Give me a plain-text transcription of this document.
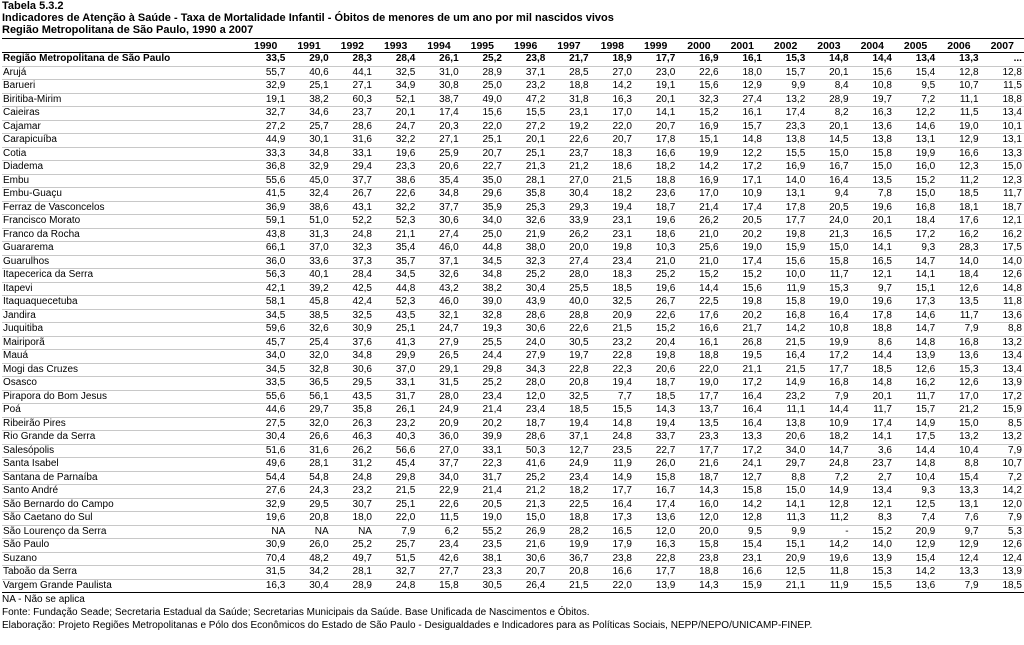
Tabela 5.3.2
Indicadores de Atenção à Saúde - Taxa de Mortalidade Infantil - Óbitos de menores de um ano por mil nascidos vivos
Região Metropolitana de São Paulo, 1990 a 2007
	1990	1991	1992	1993	1994	1995	1996	1997	1998	1999	2000	2001	2002	2003	2004	2005	2006	2007
Região Metropolitana de São Paulo	33,5	29,0	28,3	28,4	26,1	25,2	23,8	21,7	18,9	17,7	16,9	16,1	15,3	14,8	14,4	13,4	13,3	...
Arujá	55,7	40,6	44,1	32,5	31,0	28,9	37,1	28,5	27,0	23,0	22,6	18,0	15,7	20,1	15,6	15,4	12,8	12,8
Barueri	32,9	25,1	27,1	34,9	30,8	25,0	23,2	18,8	14,2	19,1	15,6	12,9	9,9	8,4	10,8	9,5	10,7	11,5
Biritiba-Mirim	19,1	38,2	60,3	52,1	38,7	49,0	47,2	31,8	16,3	20,1	32,3	27,4	13,2	28,9	19,7	7,2	11,1	18,8
Caieiras	32,7	34,6	23,7	20,1	17,4	15,6	15,5	23,1	17,0	14,1	15,2	16,1	17,4	8,2	16,3	12,2	11,5	13,4
Cajamar	27,2	25,7	28,6	24,7	20,3	22,0	27,2	19,2	22,0	20,7	16,9	15,7	23,3	20,1	13,6	14,6	19,0	10,1
Carapicuíba	44,9	30,1	31,6	32,2	27,1	25,1	20,1	22,6	20,7	17,8	15,1	14,8	13,8	14,5	13,8	13,1	12,9	13,1
Cotia	33,3	34,8	33,1	19,6	25,9	20,7	25,1	23,7	18,3	16,6	19,9	12,2	15,5	15,0	15,8	19,9	16,6	13,3
Diadema	36,8	32,9	29,4	23,3	20,6	22,7	21,3	21,2	18,6	18,2	14,2	17,2	16,9	16,7	15,0	16,0	12,3	15,0
Embu	55,6	45,0	37,7	38,6	35,4	35,0	28,1	27,0	21,5	18,8	16,9	17,1	14,0	16,4	13,5	15,2	11,2	12,3
Embu-Guaçu	41,5	32,4	26,7	22,6	34,8	29,6	35,8	30,4	18,2	23,6	17,0	10,9	13,1	9,4	7,8	15,0	18,5	11,7
Ferraz de Vasconcelos	36,9	38,6	43,1	32,2	37,7	35,9	25,3	29,3	19,4	18,7	21,4	17,4	17,8	20,5	19,6	16,8	18,1	18,7
Francisco Morato	59,1	51,0	52,2	52,3	30,6	34,0	32,6	33,9	23,1	19,6	26,2	20,5	17,7	24,0	20,1	18,4	17,6	12,1
Franco da Rocha	43,8	31,3	24,8	21,1	27,4	25,0	21,9	26,2	23,1	18,6	21,0	20,2	19,8	21,3	16,5	17,2	16,2	16,2
Guararema	66,1	37,0	32,3	35,4	46,0	44,8	38,0	20,0	19,8	10,3	25,6	19,0	15,9	15,0	14,1	9,3	28,3	17,5
Guarulhos	36,0	33,6	37,3	35,7	37,1	34,5	32,3	27,4	23,4	21,0	21,0	17,4	15,6	15,8	16,5	14,7	14,0	14,0
Itapecerica da Serra	56,3	40,1	28,4	34,5	32,6	34,8	25,2	28,0	18,3	25,2	15,2	15,2	10,0	11,7	12,1	14,1	18,4	12,6
Itapevi	42,1	39,2	42,5	44,8	43,2	38,2	30,4	25,5	18,5	19,6	14,4	15,6	11,9	15,3	9,7	15,1	12,6	14,8
Itaquaquecetuba	58,1	45,8	42,4	52,3	46,0	39,0	43,9	40,0	32,5	26,7	22,5	19,8	15,8	19,0	19,6	17,3	13,5	11,8
Jandira	34,5	38,5	32,5	43,5	32,1	32,8	28,6	28,8	20,9	22,6	17,6	20,2	16,8	16,4	17,8	14,6	11,7	13,6
Juquitiba	59,6	32,6	30,9	25,1	24,7	19,3	30,6	22,6	21,5	15,2	16,6	21,7	14,2	10,8	18,8	14,7	7,9	8,8
Mairiporã	45,7	25,4	37,6	41,3	27,9	25,5	24,0	30,5	23,2	20,4	16,1	26,8	21,5	19,9	8,6	14,8	16,8	13,2
Mauá	34,0	32,0	34,8	29,9	26,5	24,4	27,9	19,7	22,8	19,8	18,8	19,5	16,4	17,2	14,4	13,9	13,6	13,4
Mogi das Cruzes	34,5	32,8	30,6	37,0	29,1	29,8	34,3	22,8	22,3	20,6	22,0	21,1	21,5	17,7	18,5	12,6	15,3	13,4
Osasco	33,5	36,5	29,5	33,1	31,5	25,2	28,0	20,8	19,4	18,7	19,0	17,2	14,9	16,8	14,8	16,2	12,6	13,9
Pirapora do Bom Jesus	55,6	56,1	43,5	31,7	28,0	23,4	12,0	32,5	7,7	18,5	17,7	16,4	23,2	7,9	20,1	11,7	17,0	17,2
Poá	44,6	29,7	35,8	26,1	24,9	21,4	23,4	18,5	15,5	14,3	13,7	16,4	11,1	14,4	11,7	15,7	21,2	15,9
Ribeirão Pires	27,5	32,0	26,3	23,2	20,9	20,2	18,7	19,4	14,8	19,4	13,5	16,4	13,8	10,9	17,4	14,9	15,0	8,5
Rio Grande da Serra	30,4	26,6	46,3	40,3	36,0	39,9	28,6	37,1	24,8	33,7	23,3	13,3	20,6	18,2	14,1	17,5	13,2	13,2
Salesópolis	51,6	31,6	26,2	56,6	27,0	33,1	50,3	12,7	23,5	22,7	17,7	17,2	34,0	14,7	3,6	14,4	10,4	7,9
Santa Isabel	49,6	28,1	31,2	45,4	37,7	22,3	41,6	24,9	11,9	26,0	21,6	24,1	29,7	24,8	23,7	14,8	8,8	10,7
Santana de Parnaíba	54,4	54,8	24,8	29,8	34,0	31,7	25,2	23,4	14,9	15,8	18,7	12,7	8,8	7,2	2,7	10,4	15,4	7,2
Santo André	27,6	24,3	23,2	21,5	22,9	21,4	21,2	18,2	17,7	16,7	14,3	15,8	15,0	14,9	13,4	9,3	13,3	14,2
São Bernardo do Campo	32,9	29,5	30,7	25,1	22,6	20,5	21,3	22,5	16,4	17,4	16,0	14,2	14,1	12,8	12,1	12,5	13,1	12,0
São Caetano do Sul	19,6	20,8	18,0	22,0	11,5	19,0	15,0	18,8	17,3	13,6	12,0	12,8	11,3	11,2	8,3	7,4	7,6	7,9
São Lourenço da Serra	NA	NA	NA	7,9	6,2	55,2	26,9	28,2	16,5	12,0	20,0	9,5	9,9	-	15,2	20,9	9,7	5,3
São Paulo	30,9	26,0	25,2	25,7	23,4	23,5	21,6	19,9	17,9	16,3	15,8	15,4	15,1	14,2	14,0	12,9	12,9	12,6
Suzano	70,4	48,2	49,7	51,5	42,6	38,1	30,6	36,7	23,8	22,8	23,8	23,1	20,9	19,6	13,9	15,4	12,4	12,4
Taboão da Serra	31,5	34,2	28,1	32,7	27,7	23,3	20,7	20,8	16,6	17,7	18,8	16,6	12,5	11,8	15,3	14,2	13,3	13,9
Vargem Grande Paulista	16,3	30,4	28,9	24,8	15,8	30,5	26,4	21,5	22,0	13,9	14,3	15,9	21,1	11,9	15,5	13,6	7,9	18,5
NA - Não se aplica
Fonte: Fundação Seade; Secretaria Estadual da Saúde; Secretarias Municipais da Saúde. Base Unificada de Nascimentos e Óbitos.
Elaboração: Projeto Regiões Metropolitanas e Pólo dos Econômicos do Estado de São Paulo - Desigualdades e Indicadores para as Políticas Sociais, NEPP/NEPO/UNICAMP-FINEP.
